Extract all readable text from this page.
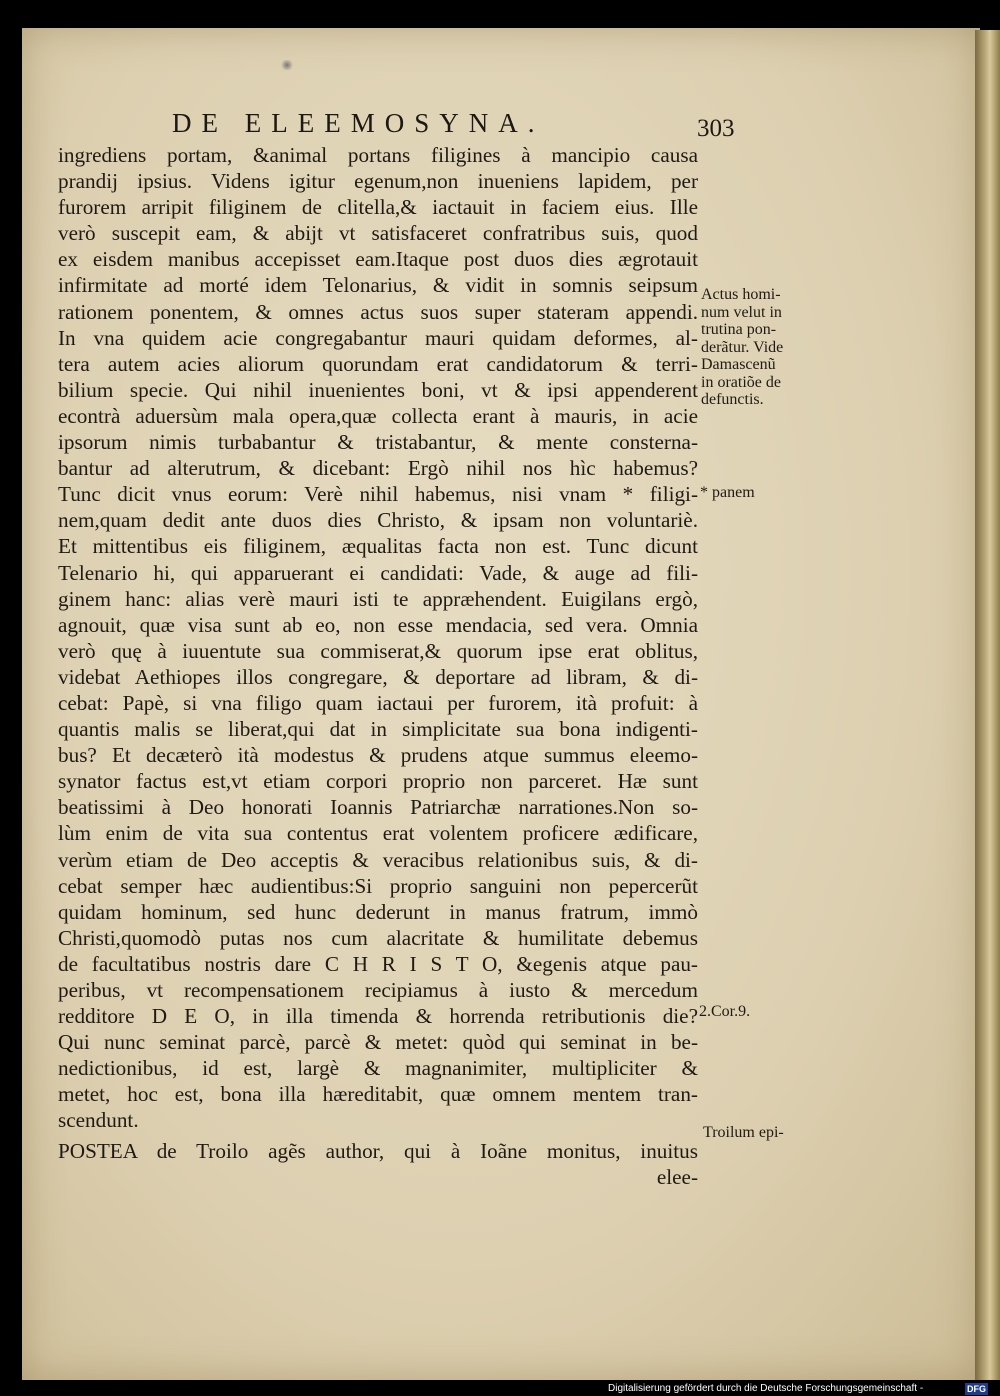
DE ELEEMOSYNA.	303
ingrediens portam, &animal portans filigines à mancipio causa
prandij ipsius. Videns igitur egenum,non inueniens lapidem, per
furorem arripit filiginem de clitella,& iactauit in faciem eius. Ille
verò suscepit eam, & abijt vt satisfaceret confratribus suis, quod
ex eisdem manibus accepisset eam.Itaque post duos dies ægrotauit
infirmitate ad morté idem Telonarius, & vidit in somnis seipsum
rationem ponentem, & omnes actus suos super stateram appendi.
In vna quidem acie congregabantur mauri quidam deformes, al-
tera autem acies aliorum quorundam erat candidatorum & terri-
bilium specie. Qui nihil inuenientes boni, vt & ipsi appenderent
econtrà aduersùm mala opera,quæ collecta erant à mauris, in acie
ipsorum nimis turbabantur & tristabantur, & mente consterna-
bantur ad alterutrum, & dicebant: Ergò nihil nos hìc habemus?
Tunc dicit vnus eorum: Verè nihil habemus, nisi vnam * filigi-
nem,quam dedit ante duos dies Christo, & ipsam non voluntariè.
Et mittentibus eis filiginem, æqualitas facta non est. Tunc dicunt
Telenario hi, qui apparuerant ei candidati: Vade, & auge ad fili-
ginem hanc: alias verè mauri isti te appræhendent. Euigilans ergò,
agnouit, quæ visa sunt ab eo, non esse mendacia, sed vera. Omnia
verò quę à iuuentute sua commiserat,& quorum ipse erat oblitus,
videbat Aethiopes illos congregare, & deportare ad libram, & di-
cebat: Papè, si vna filigo quam iactaui per furorem, ità profuit: à
quantis malis se liberat,qui dat in simplicitate sua bona indigenti-
bus? Et decæterò ità modestus & prudens atque summus eleemo-
synator factus est,vt etiam corpori proprio non parceret. Hæ sunt
beatissimi à Deo honorati Ioannis Patriarchæ narrationes.Non so-
lùm enim de vita sua contentus erat volentem proficere ædificare,
verùm etiam de Deo acceptis & veracibus relationibus suis, & di-
cebat semper hæc audientibus:Si proprio sanguini non pepercerũt
quidam hominum, sed hunc dederunt in manus fratrum, immò
Christi,quomodò putas nos cum alacritate & humilitate debemus
de facultatibus nostris dare C H R I S T O, &egenis atque pau-
peribus, vt recompensationem recipiamus à iusto & mercedum
redditore D E O, in illa timenda & horrenda retributionis die?
Qui nunc seminat parcè, parcè & metet: quòd qui seminat in be-
nedictionibus, id est, largè & magnanimiter, multipliciter &
metet, hoc est, bona illa hæreditabit, quæ omnem mentem tran-
scendunt.
POSTEA de Troilo agẽs author, qui à Ioãne monitus, inuitus
elee-
Actus homi-
num velut in
trutina pon-
derãtur. Vide
Damascenũ
in oratiõe de
defunctis.
* panem
2.Cor.9.
Troilum epi-
Digitalisierung gefördert durch die Deutsche Forschungsgemeinschaft -	DFG
